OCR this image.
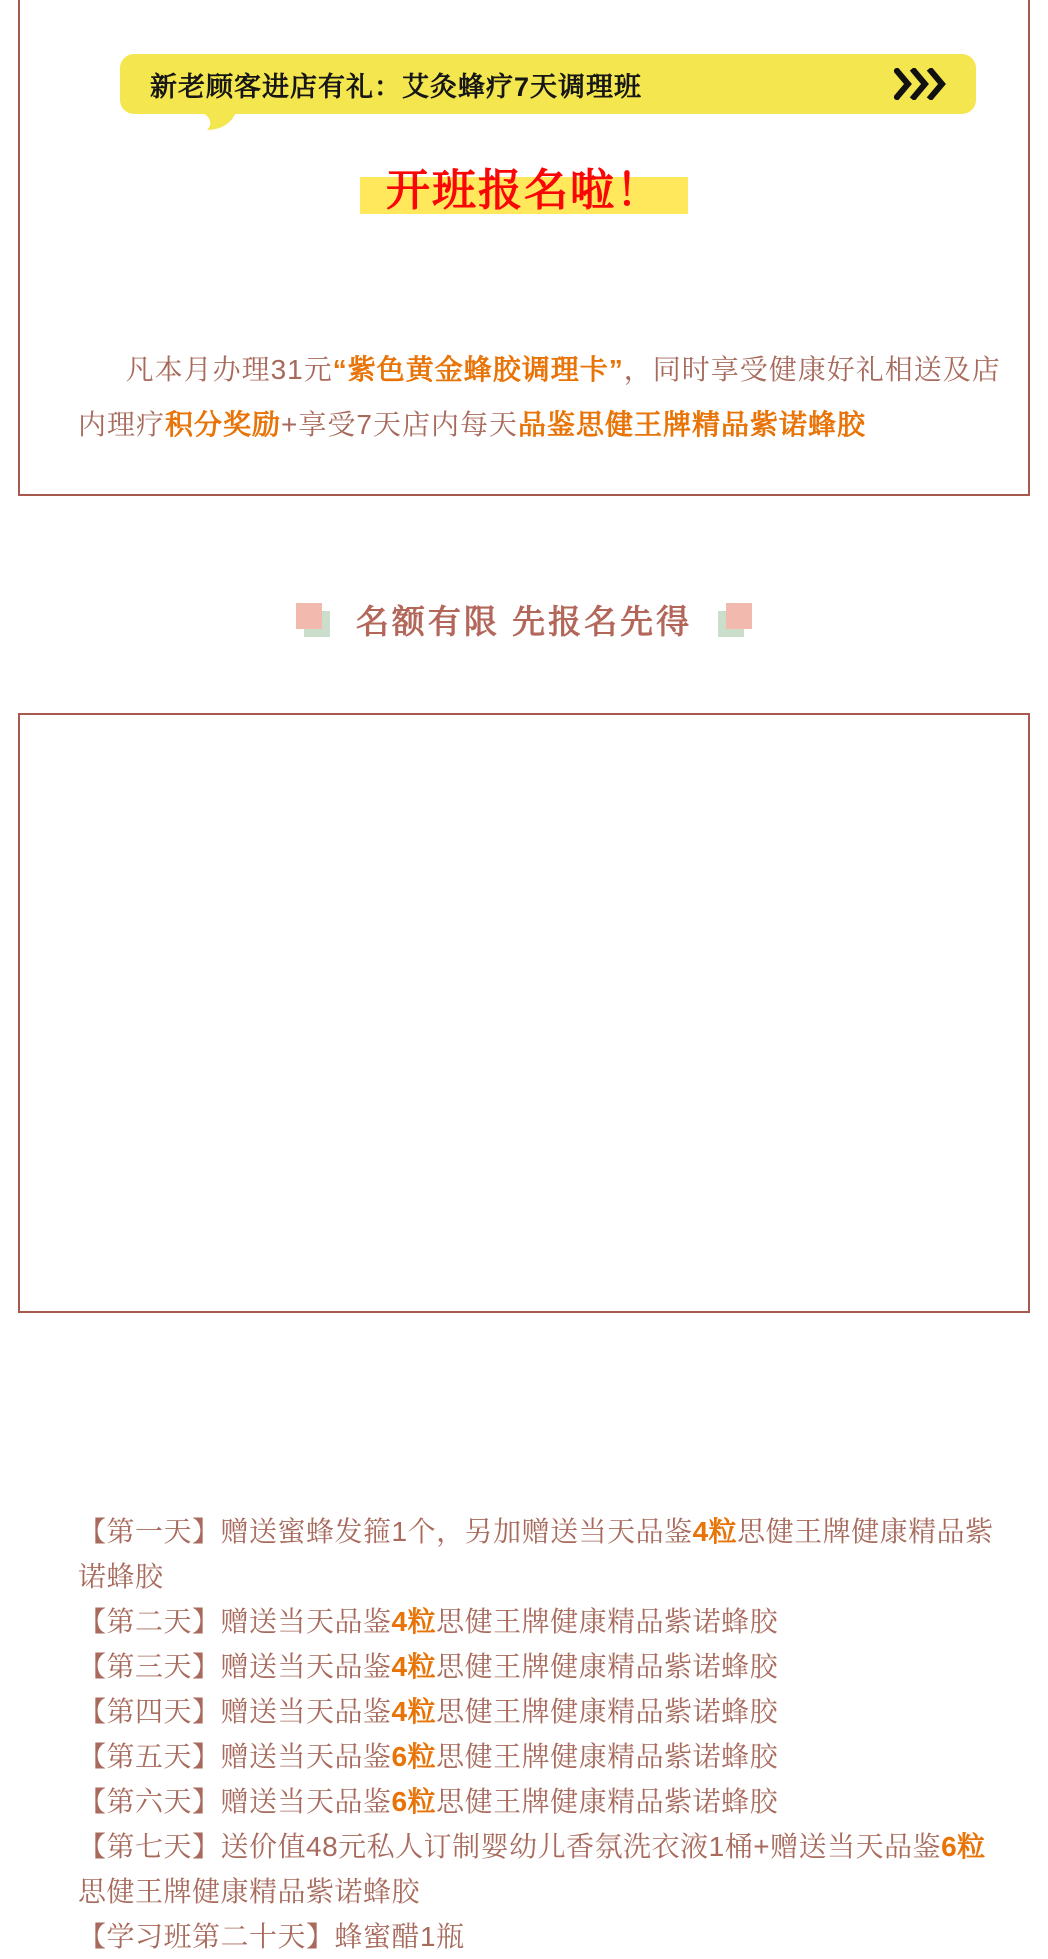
新老顾客进店有礼：艾灸蜂疗7天调理班
开班报名啦！

凡本月办理31元“紫色黄金蜂胶调理卡”，同时享受健康好礼相送及店内理疗积分奖励+享受7天店内每天品鉴思健王牌精品紫诺蜂胶

名额有限 先报名先得
【第一天】赠送蜜蜂发箍1个，另加赠送当天品鉴4粒思健王牌健康精品紫诺蜂胶
【第二天】赠送当天品鉴4粒思健王牌健康精品紫诺蜂胶
【第三天】赠送当天品鉴4粒思健王牌健康精品紫诺蜂胶
【第四天】赠送当天品鉴4粒思健王牌健康精品紫诺蜂胶
【第五天】赠送当天品鉴6粒思健王牌健康精品紫诺蜂胶
【第六天】赠送当天品鉴6粒思健王牌健康精品紫诺蜂胶
【第七天】送价值48元私人订制婴幼儿香氛洗衣液1桶+赠送当天品鉴6粒思健王牌健康精品紫诺蜂胶
【学习班第二十天】蜂蜜醋1瓶
